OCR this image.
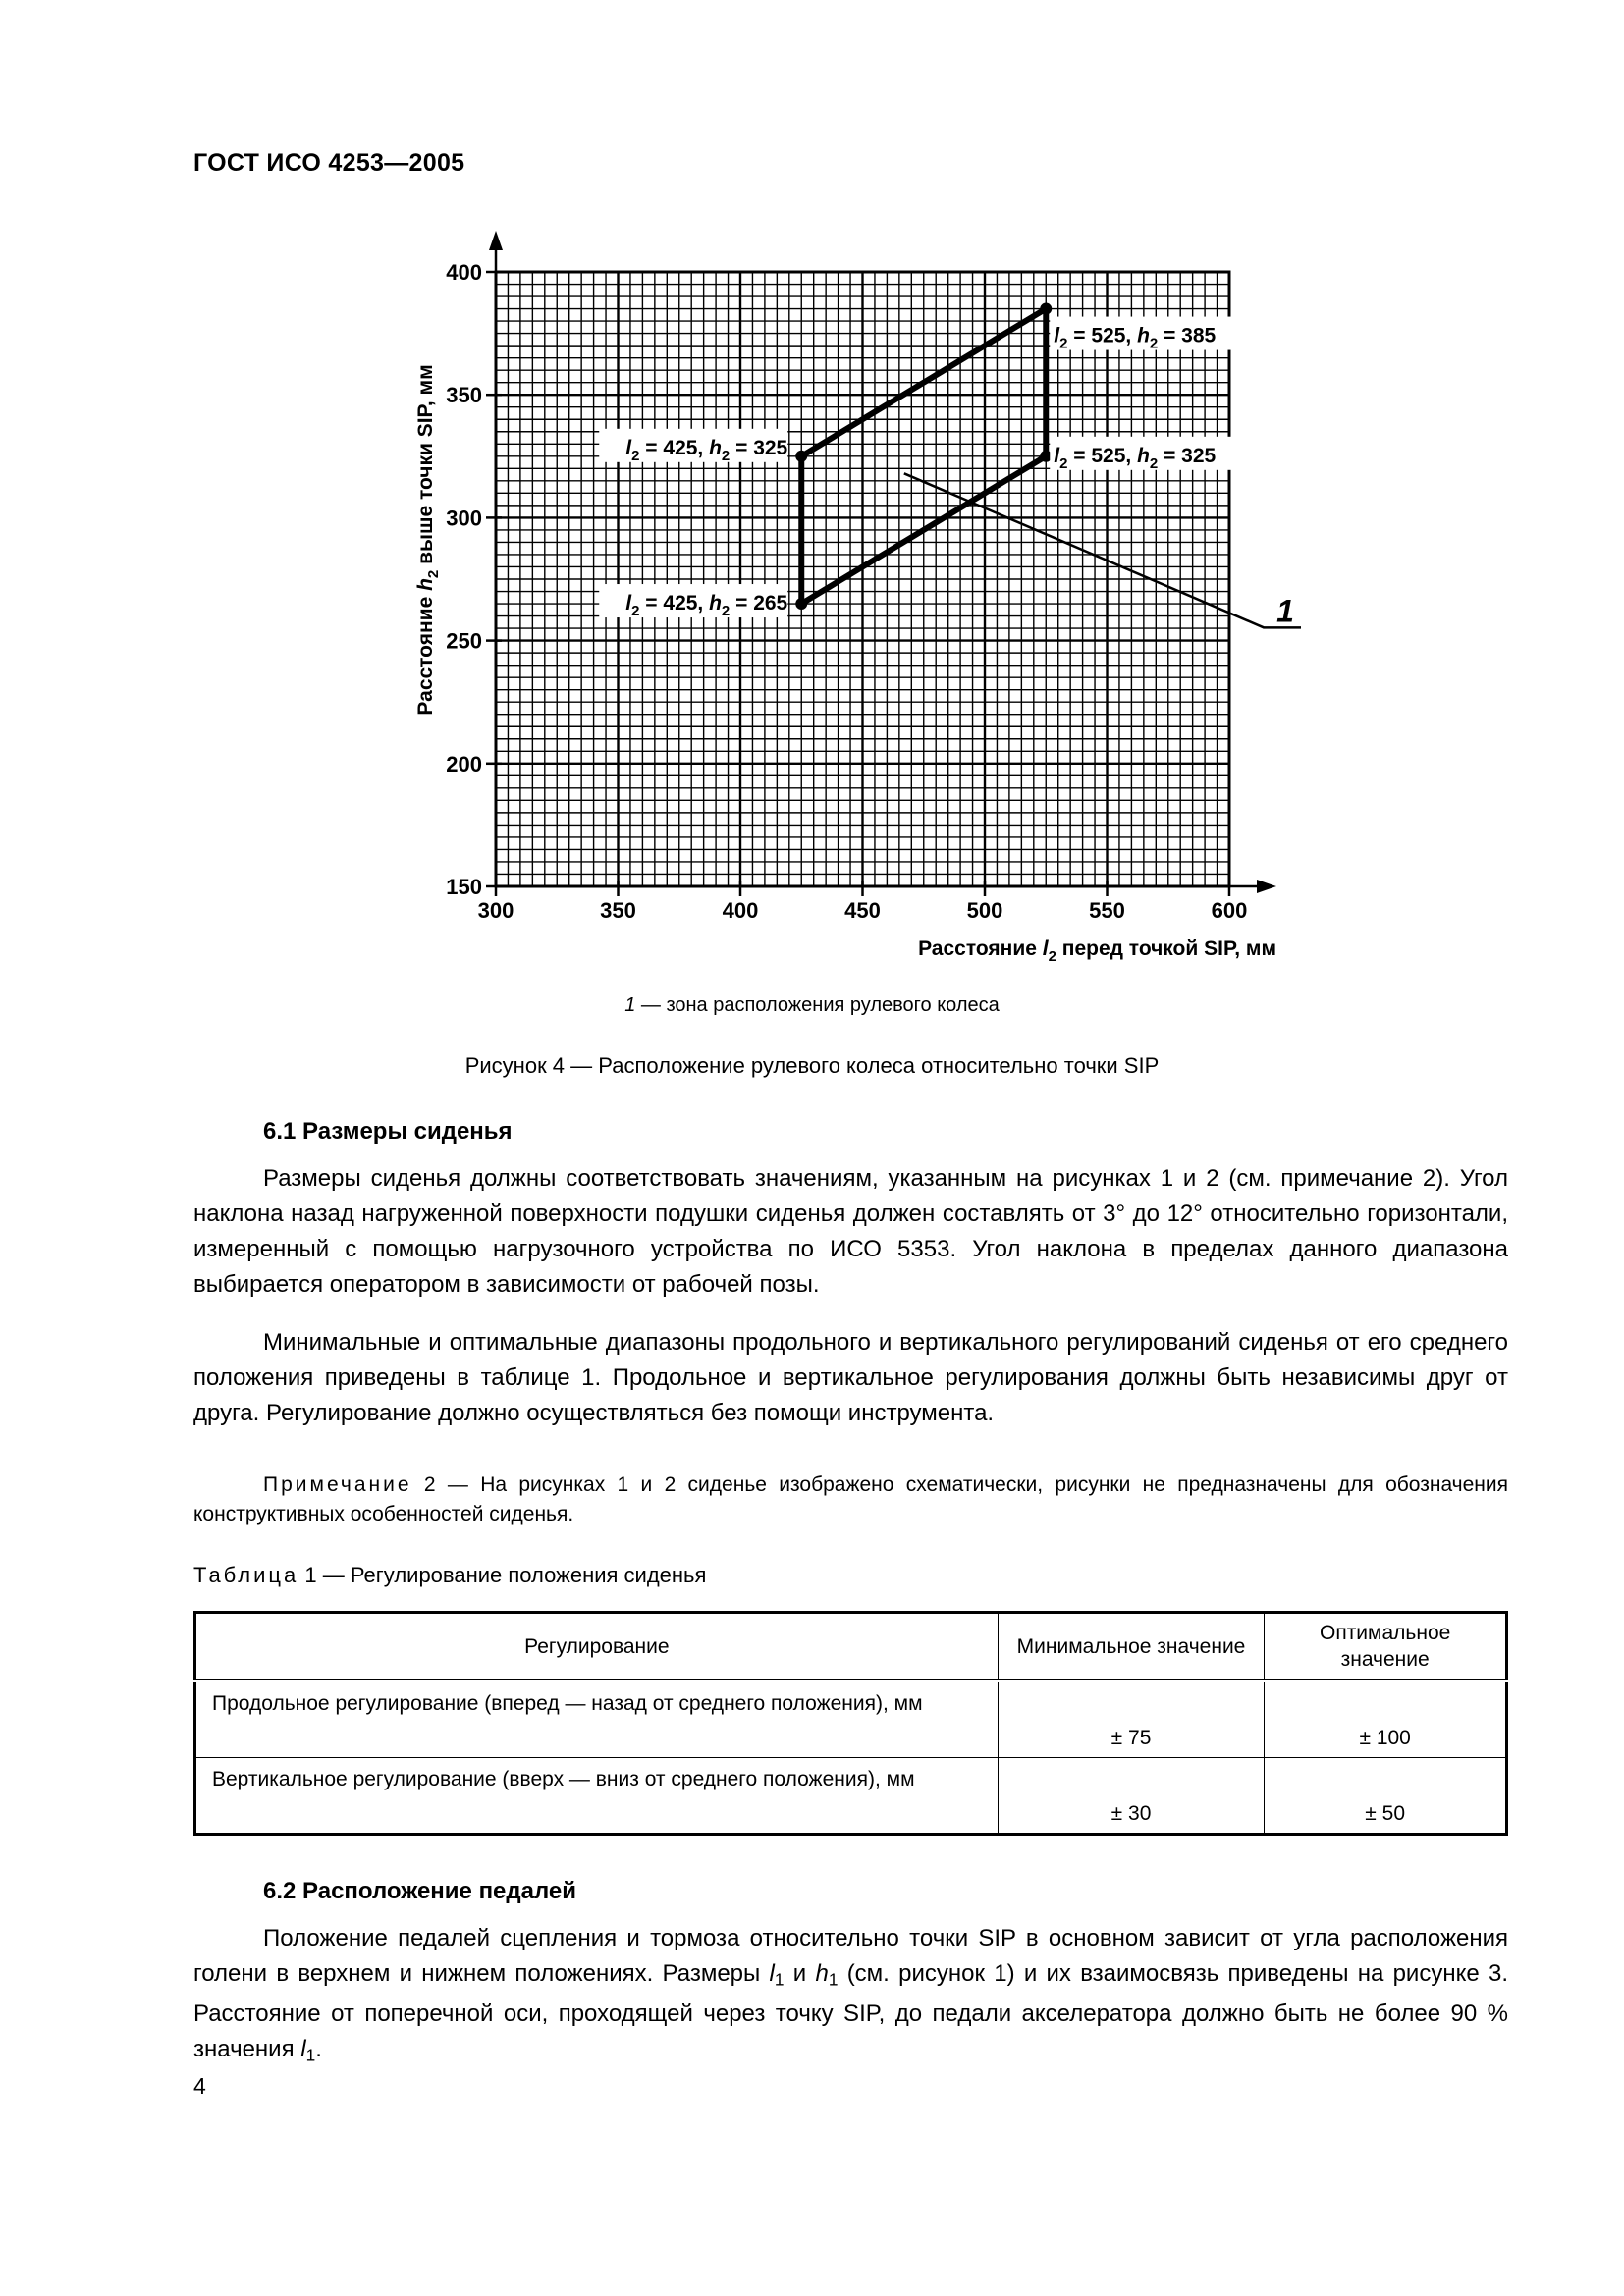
ГОСТ ИСО 4253—2005
300	350	400	450	500	550	600
150
200
250
300
350
400
Расстояние $l_2$ перед точкой SIP, мм
Расстояние $h_2$ выше точки SIP, мм	$l_2 = 425$, $h_2 = 325$
$l_2 = 425$, $h_2 = 265$
$l_2 = 525$, $h_2 = 385$
$l_2 = 525$, $h_2 = 325$
1
1 — зона расположения рулевого колеса
Рисунок 4 — Расположение рулевого колеса относительно точки SIP
6.1 Размеры сиденья

Размеры сиденья должны соответствовать значениям, указанным на рисунках 1 и 2 (см. примечание 2). Угол наклона назад нагруженной поверхности подушки сиденья должен составлять от 3° до 12° относительно горизонтали, измеренный с помощью нагрузочного устройства по ИСО 5353. Угол наклона в пределах данного диапазона выбирается оператором в зависимости от рабочей позы.

Минимальные и оптимальные диапазоны продольного и вертикального регулирований сиденья от его среднего положения приведены в таблице 1. Продольное и вертикальное регулирования должны быть независимы друг от друга. Регулирование должно осуществляться без помощи инструмента.

Примечание 2 — На рисунках 1 и 2 сиденье изображено схематически, рисунки не предназначены для обозначения конструктивных особенностей сиденья.

Таблица 1 — Регулирование положения сиденья
Регулирование	Минимальное значение	Оптимальное значение
Продольное регулирование (вперед — назад от среднего положения), мм	± 75	± 100
Вертикальное регулирование (вверх — вниз от среднего положения), мм	± 30	± 50
6.2 Расположение педалей

Положение педалей сцепления и тормоза относительно точки SIP в основном зависит от угла расположения голени в верхнем и нижнем положениях. Размеры $l_1$ и $h_1$ (см. рисунок 1) и их взаимосвязь приведены на рисунке 3. Расстояние от поперечной оси, проходящей через точку SIP, до педали акселератора должно быть не более 90 % значения $l_1$.

4
